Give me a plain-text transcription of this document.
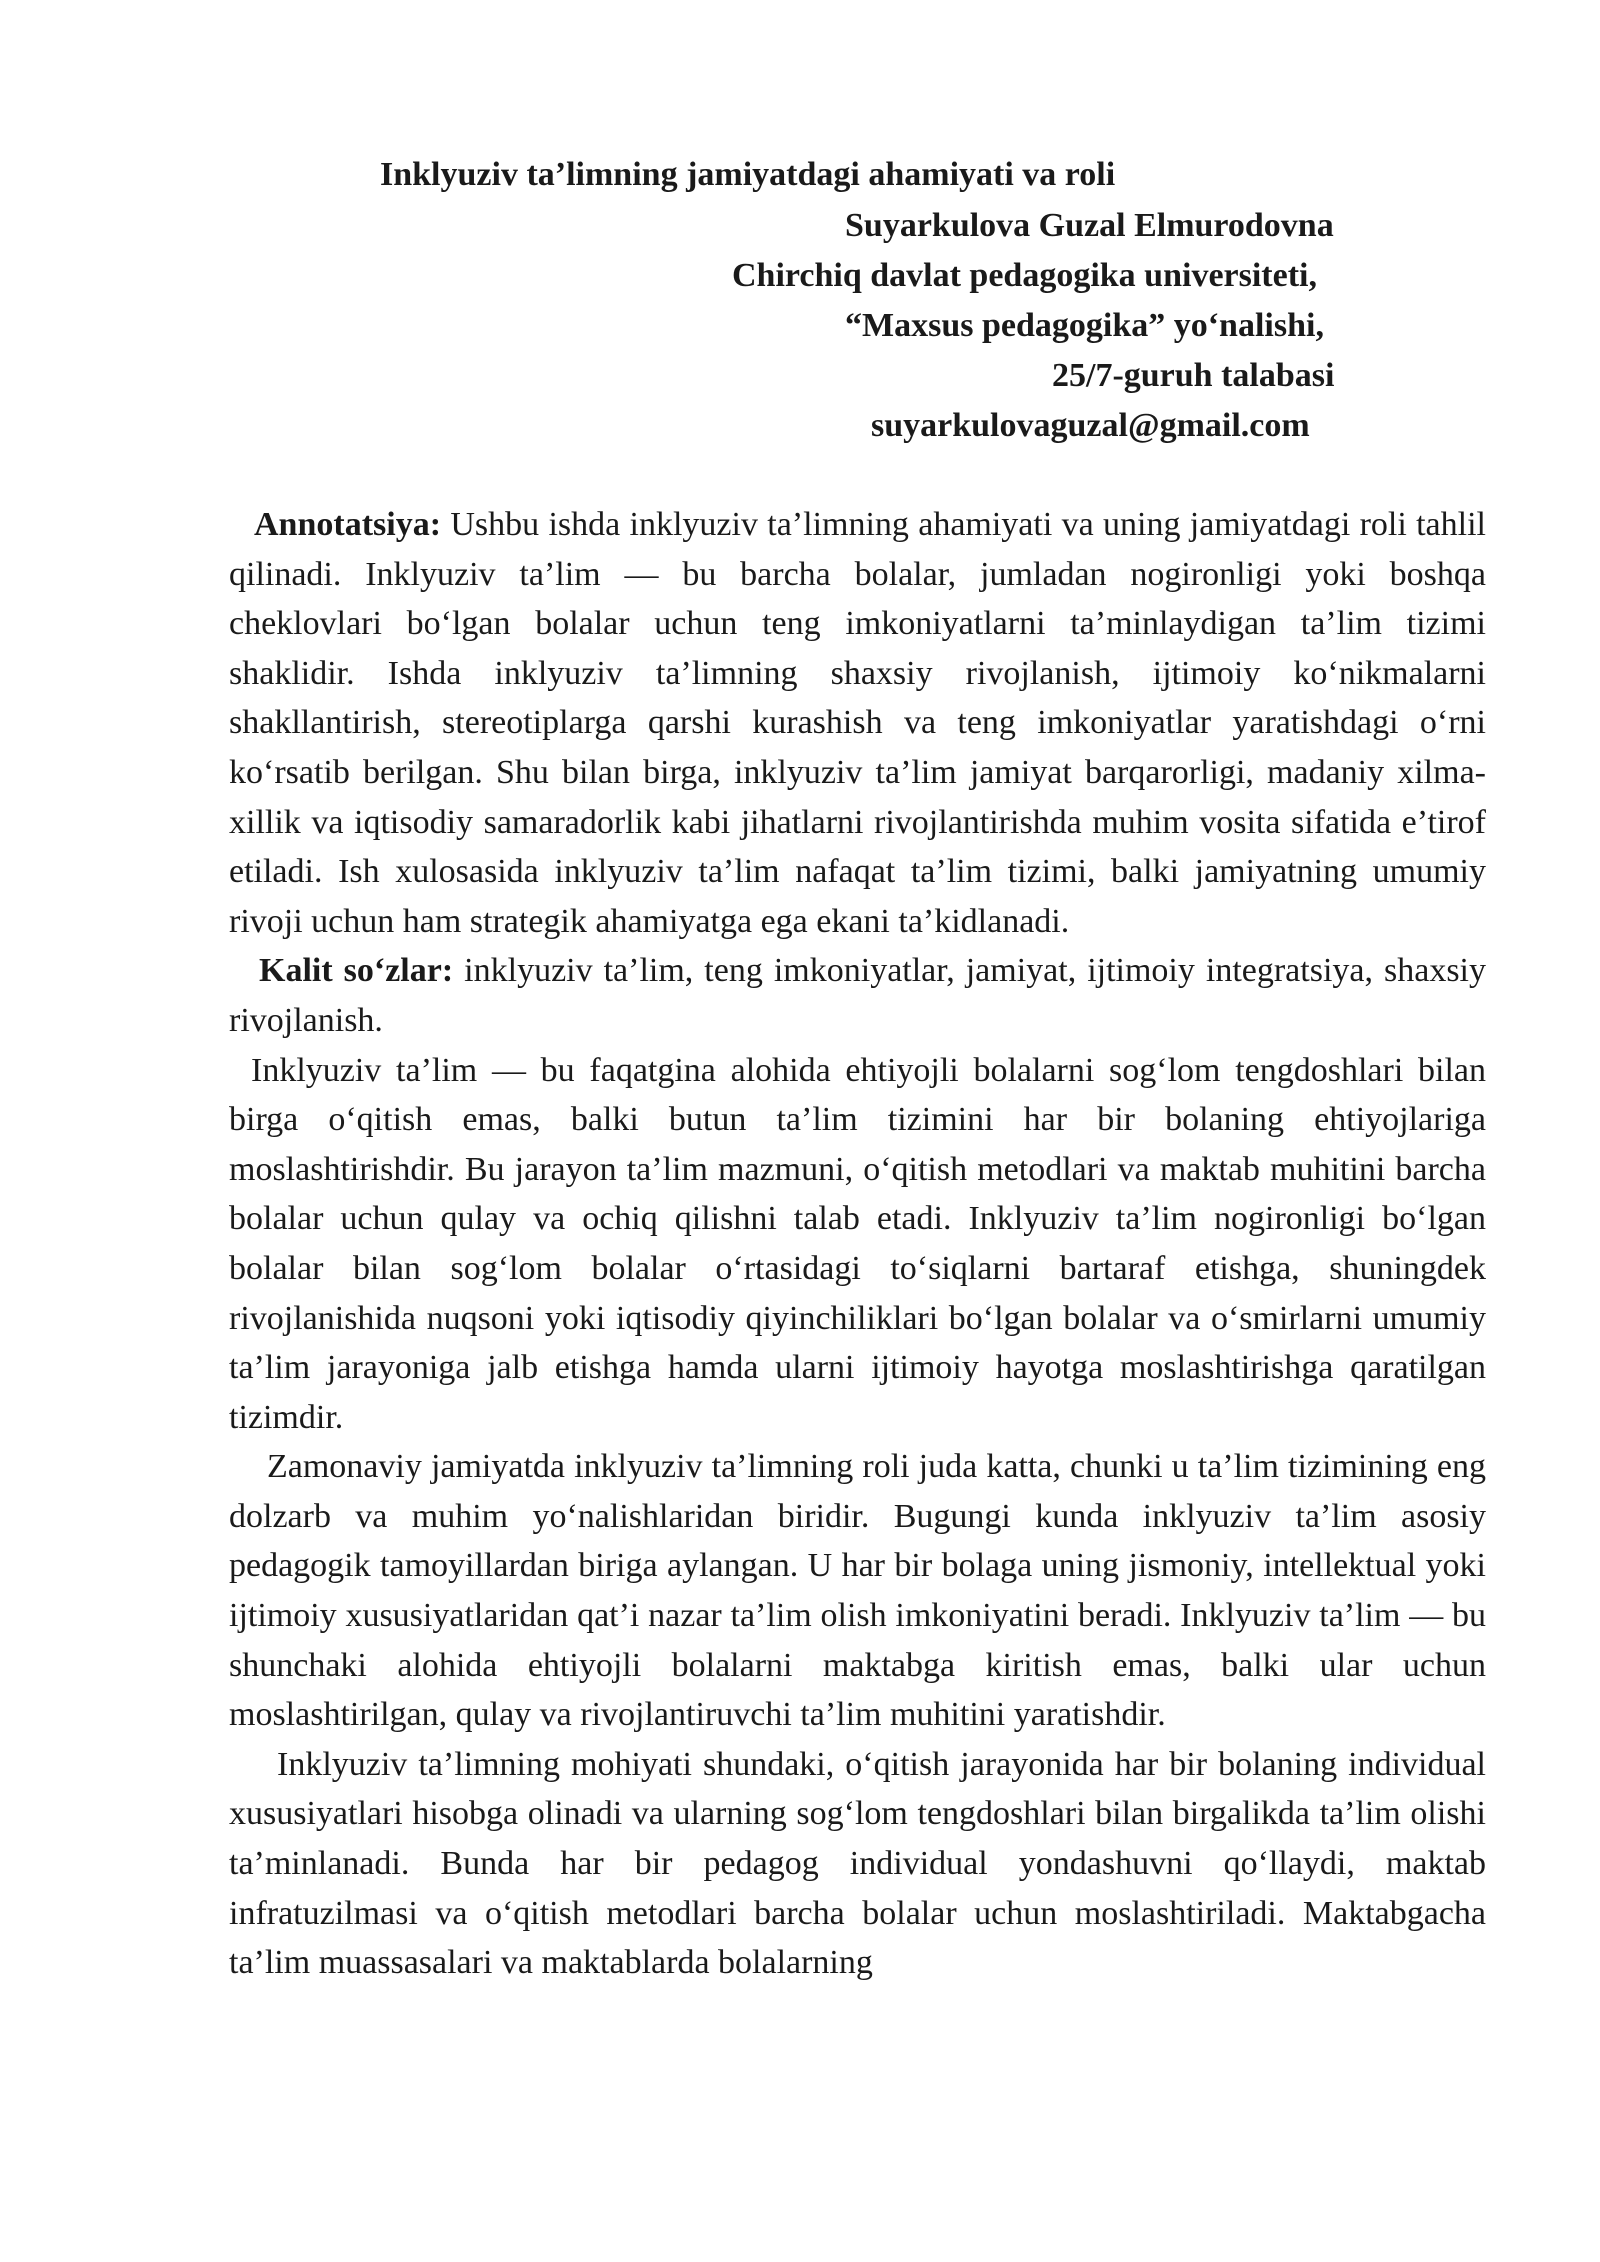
Inklyuziv ta’limning jamiyatdagi ahamiyati va roli
Suyarkulova Guzal Elmurodovna
Chirchiq davlat pedagogika universiteti,
“Maxsus pedagogika” yo‘nalishi,
25/7-guruh talabasi
suyarkulovaguzal@gmail.com

Annotatsiya: Ushbu ishda inklyuziv ta’limning ahamiyati va uning jamiyatdagi roli tahlil qilinadi. Inklyuziv ta’lim — bu barcha bolalar, jumladan nogironligi yoki boshqa cheklovlari bo‘lgan bolalar uchun teng imkoniyatlarni ta’minlaydigan ta’lim tizimi shaklidir. Ishda inklyuziv ta’limning shaxsiy rivojlanish, ijtimoiy ko‘nikmalarni shakllantirish, stereotiplarga qarshi kurashish va teng imkoniyatlar yaratishdagi o‘rni ko‘rsatib berilgan. Shu bilan birga, inklyuziv ta’lim jamiyat barqarorligi, madaniy xilma-xillik va iqtisodiy samaradorlik kabi jihatlarni rivojlantirishda muhim vosita sifatida e’tirof etiladi. Ish xulosasida inklyuziv ta’lim nafaqat ta’lim tizimi, balki jamiyatning umumiy rivoji uchun ham strategik ahamiyatga ega ekani ta’kidlanadi.

Kalit so‘zlar: inklyuziv ta’lim, teng imkoniyatlar, jamiyat, ijtimoiy integratsiya, shaxsiy rivojlanish.

Inklyuziv ta’lim — bu faqatgina alohida ehtiyojli bolalarni sog‘lom tengdoshlari bilan birga o‘qitish emas, balki butun ta’lim tizimini har bir bolaning ehtiyojlariga moslashtirishdir. Bu jarayon ta’lim mazmuni, o‘qitish metodlari va maktab muhitini barcha bolalar uchun qulay va ochiq qilishni talab etadi. Inklyuziv ta’lim nogironligi bo‘lgan bolalar bilan sog‘lom bolalar o‘rtasidagi to‘siqlarni bartaraf etishga, shuningdek rivojlanishida nuqsoni yoki iqtisodiy qiyinchiliklari bo‘lgan bolalar va o‘smirlarni umumiy ta’lim jarayoniga jalb etishga hamda ularni ijtimoiy hayotga moslashtirishga qaratilgan tizimdir.

Zamonaviy jamiyatda inklyuziv ta’limning roli juda katta, chunki u ta’lim tizimining eng dolzarb va muhim yo‘nalishlaridan biridir. Bugungi kunda inklyuziv ta’lim asosiy pedagogik tamoyillardan biriga aylangan. U har bir bolaga uning jismoniy, intellektual yoki ijtimoiy xususiyatlaridan qat’i nazar ta’lim olish imkoniyatini beradi. Inklyuziv ta’lim — bu shunchaki alohida ehtiyojli bolalarni maktabga kiritish emas, balki ular uchun moslashtirilgan, qulay va rivojlantiruvchi ta’lim muhitini yaratishdir.

Inklyuziv ta’limning mohiyati shundaki, o‘qitish jarayonida har bir bolaning individual xususiyatlari hisobga olinadi va ularning sog‘lom tengdoshlari bilan birgalikda ta’lim olishi ta’minlanadi. Bunda har bir pedagog individual yondashuvni qo‘llaydi, maktab infratuzilmasi va o‘qitish metodlari barcha bolalar uchun moslashtiriladi. Maktabgacha ta’lim muassasalari va maktablarda bolalarning
